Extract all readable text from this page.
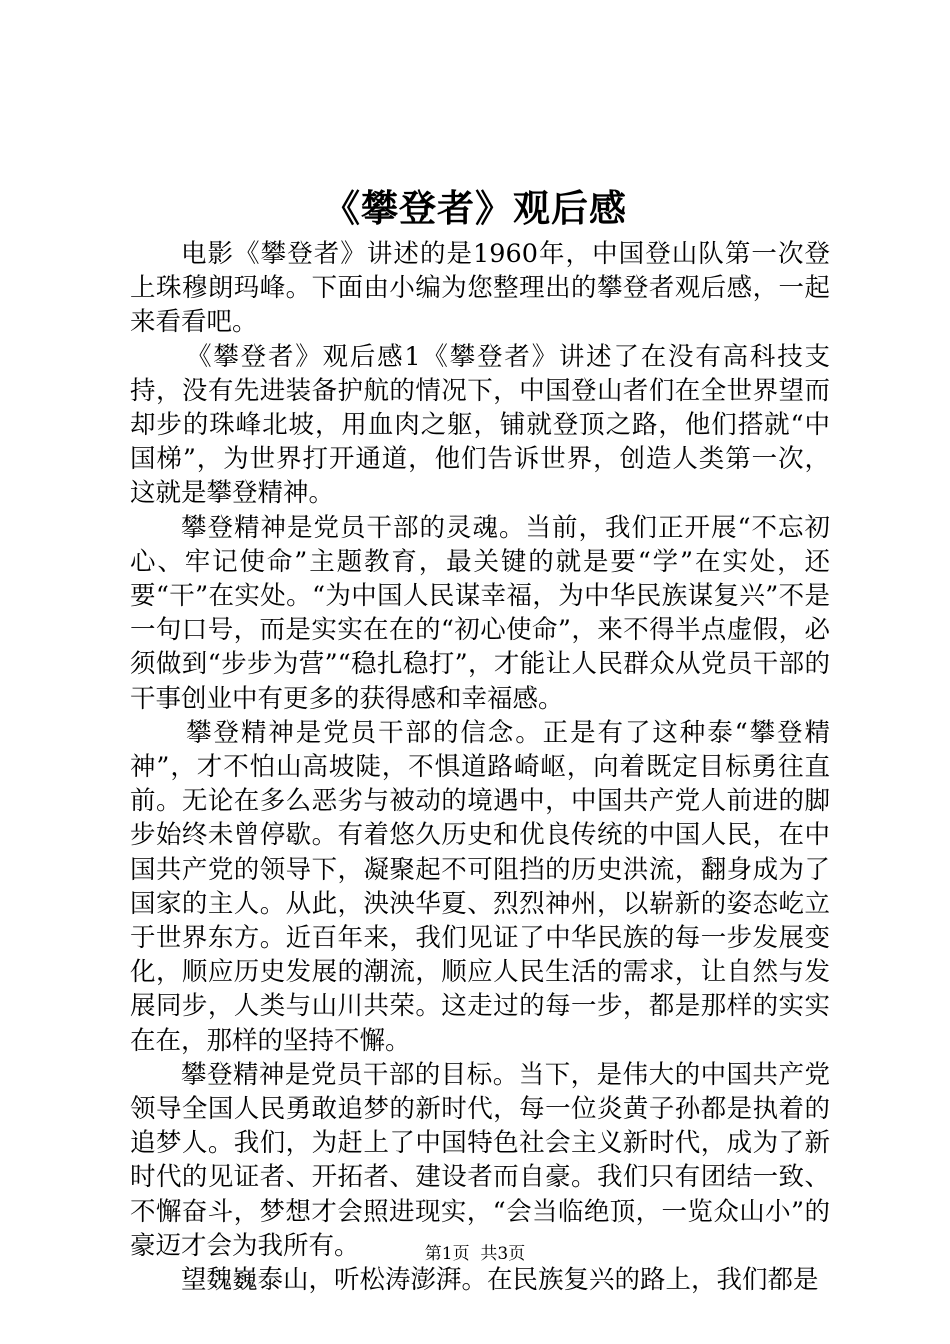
《攀登者》观后感

电影《攀登者》讲述的是1960年，中国登山队第一次登上珠穆朗玛峰。下面由小编为您整理出的攀登者观后感，一起来看看吧。

《攀登者》观后感1《攀登者》讲述了在没有高科技支持，没有先进装备护航的情况下，中国登山者们在全世界望而却步的珠峰北坡，用血肉之躯，铺就登顶之路，他们搭就“中国梯”，为世界打开通道，他们告诉世界，创造人类第一次，这就是攀登精神。

攀登精神是党员干部的灵魂。当前，我们正开展“不忘初心、牢记使命”主题教育，最关键的就是要“学”在实处，还要“干”在实处。“为中国人民谋幸福，为中华民族谋复兴”不是一句口号，而是实实在在的“初心使命”，来不得半点虚假，必须做到“步步为营”“稳扎稳打”，才能让人民群众从党员干部的干事创业中有更多的获得感和幸福感。

攀登精神是党员干部的信念。正是有了这种泰“攀登精神”，才不怕山高坡陡，不惧道路崎岖，向着既定目标勇往直前。无论在多么恶劣与被动的境遇中，中国共产党人前进的脚步始终未曾停歇。有着悠久历史和优良传统的中国人民，在中国共产党的领导下，凝聚起不可阻挡的历史洪流，翻身成为了国家的主人。从此，泱泱华夏、烈烈神州，以崭新的姿态屹立于世界东方。近百年来，我们见证了中华民族的每一步发展变化，顺应历史发展的潮流，顺应人民生活的需求，让自然与发展同步，人类与山川共荣。这走过的每一步，都是那样的实实在在，那样的坚持不懈。

攀登精神是党员干部的目标。当下，是伟大的中国共产党领导全国人民勇敢追梦的新时代，每一位炎黄子孙都是执着的追梦人。我们，为赶上了中国特色社会主义新时代，成为了新时代的见证者、开拓者、建设者而自豪。我们只有团结一致、不懈奋斗，梦想才会照进现实，“会当临绝顶，一览众山小”的豪迈才会为我所有。

望魏巍泰山，听松涛澎湃。在民族复兴的路上，我们都是

第1页  共3页
